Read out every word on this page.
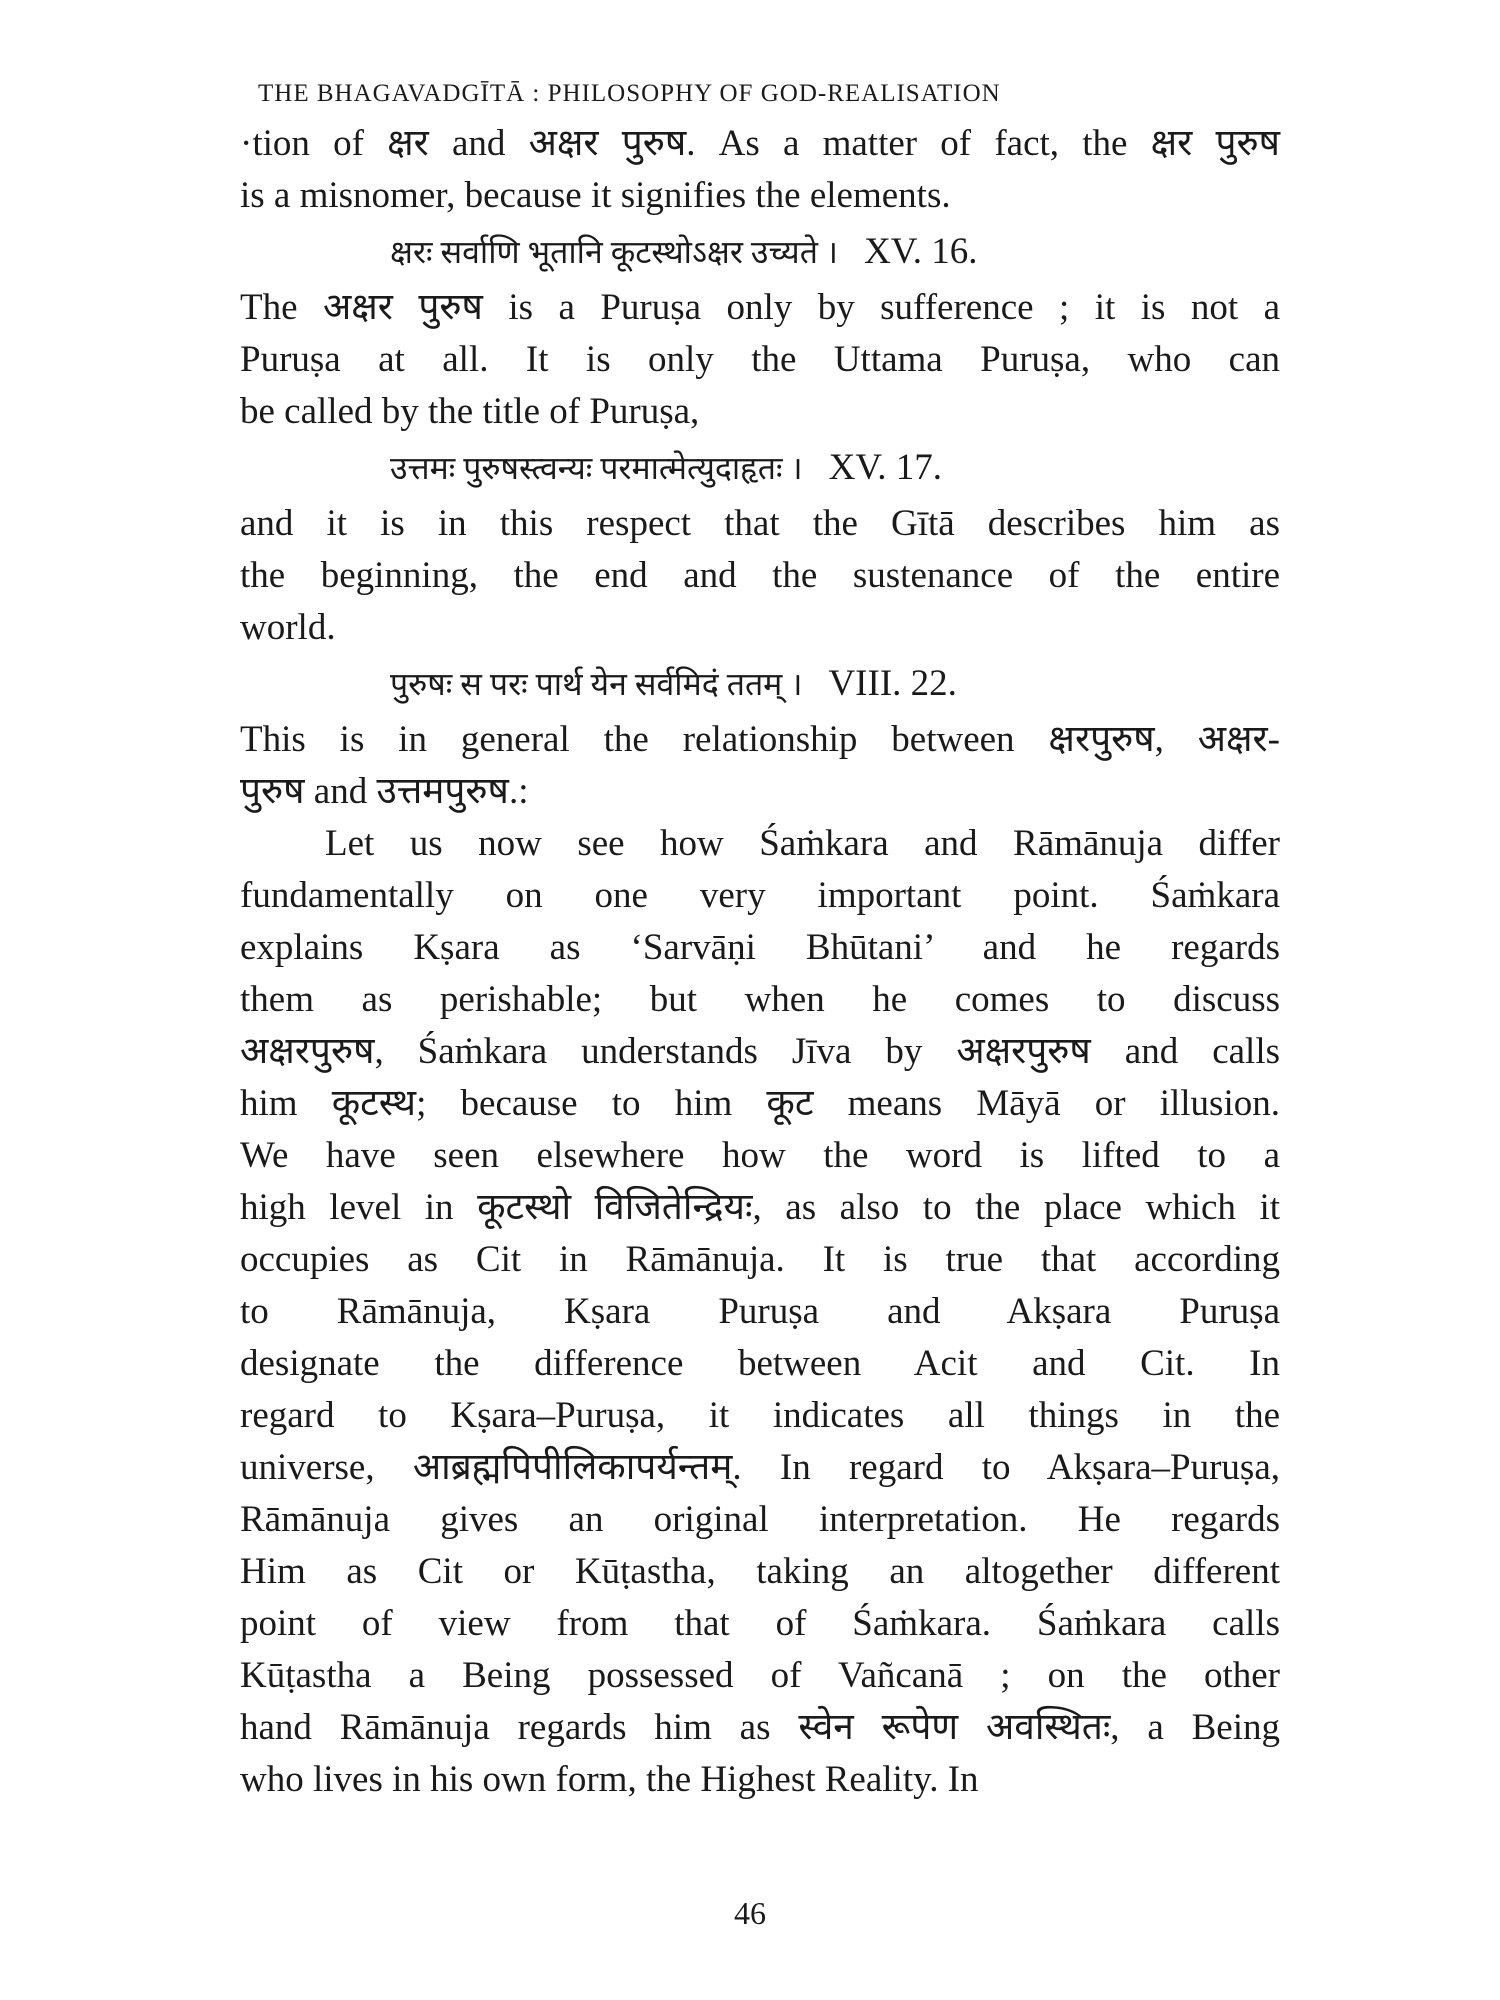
THE BHAGAVADGĪTĀ : PHILOSOPHY OF GOD-REALISATION
·tion of क्षर and अक्षर पुरुष. As a matter of fact, the क्षर पुरुष
is a misnomer, because it signifies the elements.
क्षरः सर्वाणि भूतानि कूटस्थोऽक्षर उच्यते । XV. 16.
The अक्षर पुरुष is a Puruṣa only by sufference ; it is not a
Puruṣa at all. It is only the Uttama Puruṣa, who can
be called by the title of Puruṣa,
उत्तमः पुरुषस्त्वन्यः परमात्मेत्युदाहृतः । XV. 17.
and it is in this respect that the Gītā describes him as
the beginning, the end and the sustenance of the entire
world.
पुरुषः स परः पार्थ येन सर्वमिदं ततम् । VIII. 22.
This is in general the relationship between क्षरपुरुष, अक्षर-
पुरुष and उत्तमपुरुष.:
Let us now see how Śaṁkara and Rāmānuja differ
fundamentally on one very important point. Śaṁkara
explains Kṣara as ‘Sarvāṇi Bhūtani’ and he regards
them as perishable; but when he comes to discuss
अक्षरपुरुष, Śaṁkara understands Jīva by अक्षरपुरुष and calls
him कूटस्थ; because to him कूट means Māyā or illusion.
We have seen elsewhere how the word is lifted to a
high level in कूटस्थो विजितेन्द्रियः, as also to the place which it
occupies as Cit in Rāmānuja. It is true that according
to Rāmānuja, Kṣara Puruṣa and Akṣara Puruṣa
designate the difference between Acit and Cit. In
regard to Kṣara–Puruṣa, it indicates all things in the
universe, आब्रह्मपिपीलिकापर्यन्तम्. In regard to Akṣara–Puruṣa,
Rāmānuja gives an original interpretation. He regards
Him as Cit or Kūṭastha, taking an altogether different
point of view from that of Śaṁkara. Śaṁkara calls
Kūṭastha a Being possessed of Vañcanā ; on the other
hand Rāmānuja regards him as स्वेन रूपेण अवस्थितः, a Being
who lives in his own form, the Highest Reality. In
46
